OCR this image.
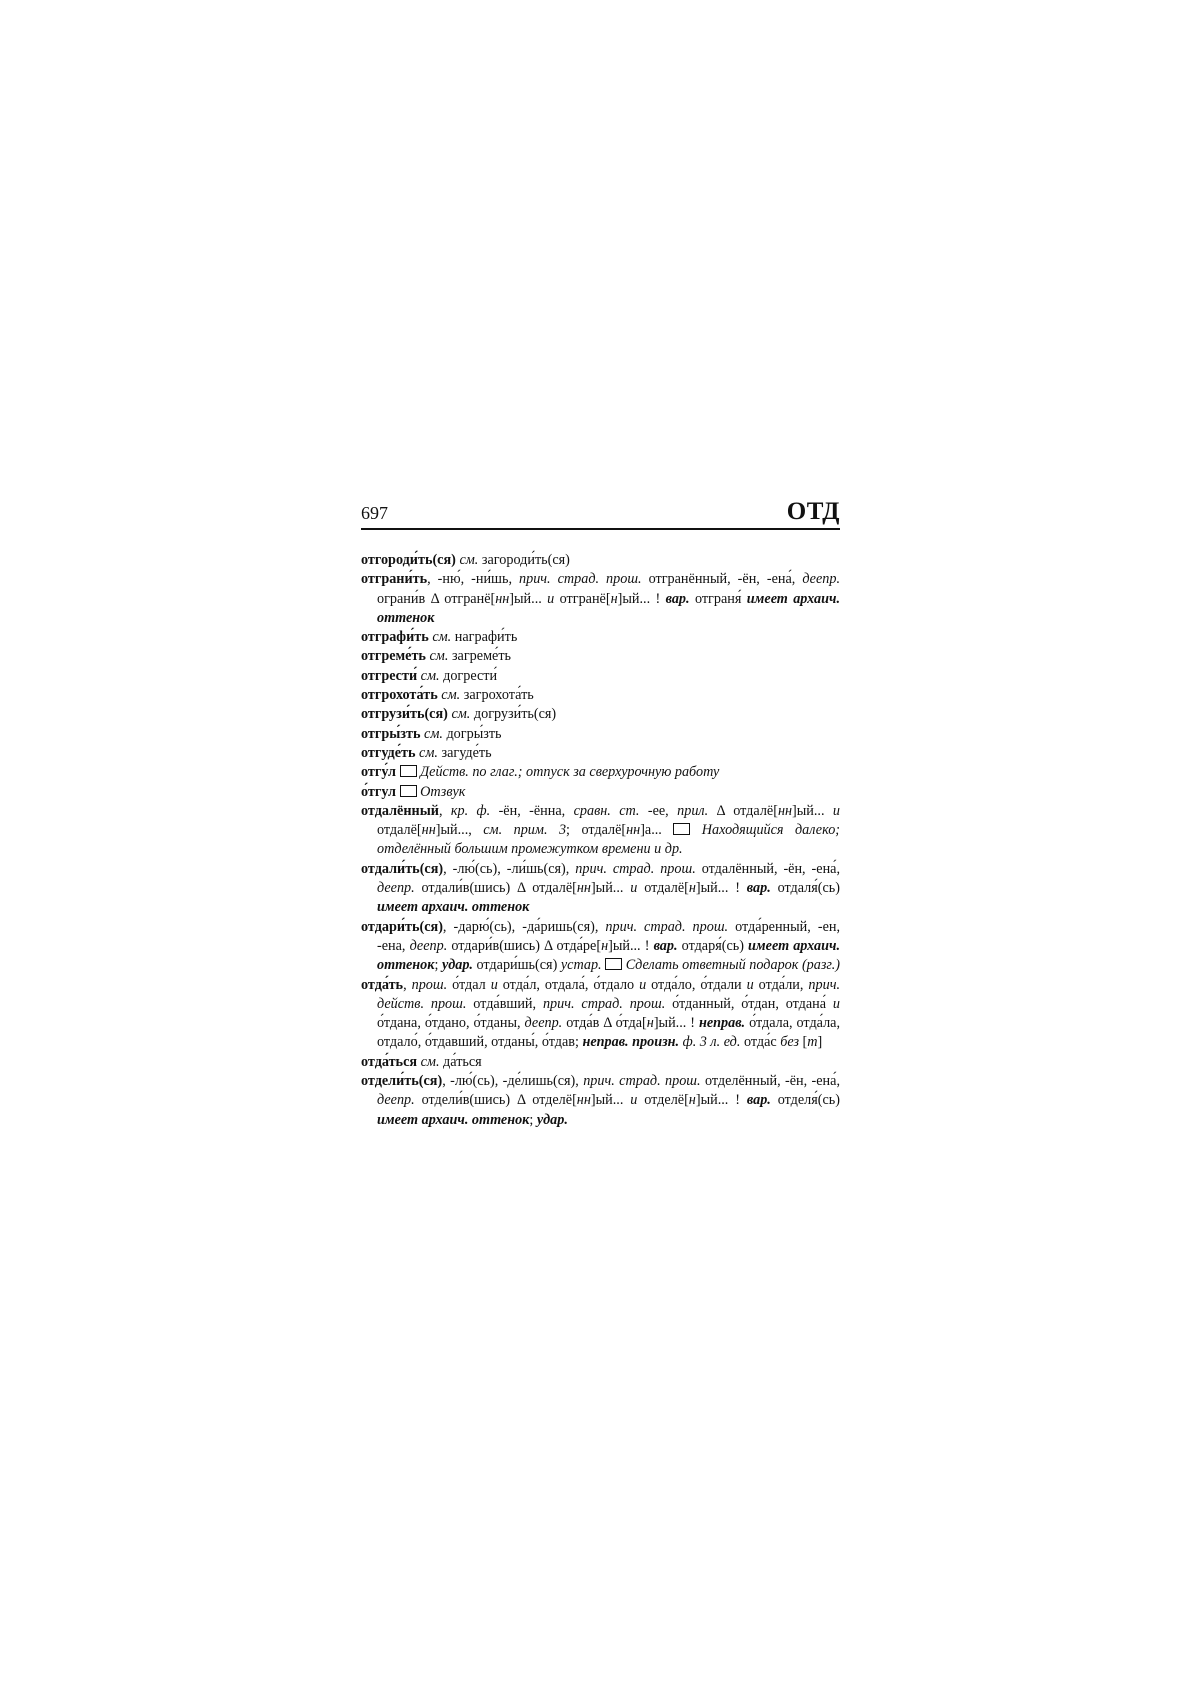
697	ОТД

отгороди́ть(ся) см. загороди́ть(ся)

отграни́ть, -ню́, -ни́шь, прич. страд. прош. отгранённый, -ён, -ена́, деепр. ограни́в Δ отгранё[нн]ый... и отгранё[н]ый... ! вар. отграня́ имеет архаич. оттенок

отграфи́ть см. награфи́ть

отгреме́ть см. загреме́ть

отгрести́ см. догрести́

отгрохота́ть см. загрохота́ть

отгрузи́ть(ся) см. догрузи́ть(ся)

отгры́зть см. догры́зть

отгуде́ть см. загуде́ть

отгу́л Действ. по глаг.; отпуск за сверхурочную работу

о́тгул Отзвук

отдалённый, кр. ф. -ён, -ённа, сравн. ст. -ее, прил. Δ отдалё[нн]ый... и отдалё[нн]ый..., см. прим. 3; отдалё[нн]а...  Находящийся далеко; отделённый большим промежутком времени и др.

отдали́ть(ся), -лю́(сь), -ли́шь(ся), прич. страд. прош. отдалённый, -ён, -ена́, деепр. отдали́в(шись) Δ отдалё[нн]ый... и отдалё[н]ый... ! вар. отдаля́(сь) имеет архаич. оттенок

отдари́ть(ся), -дарю́(сь), -да́ришь(ся), прич. страд. прош. отда́ренный, -ен, -ена, деепр. отдари́в(шись) Δ отда́ре[н]ый... ! вар. отдаря́(сь) имеет архаич. оттенок; удар. отдари́шь(ся) устар. Сделать ответный подарок (разг.)

отда́ть, прош. о́тдал и отда́л, отдала́, о́тдало и отда́ло, о́тдали и отда́ли, прич. действ. прош. отда́вший, прич. страд. прош. о́тданный, о́тдан, отдана́ и о́тдана, о́тдано, о́тданы, деепр. отда́в Δ о́тда[н]ый... ! неправ. о́тдала, отда́ла, отдало́, о́тдавший, отданы́, о́тдав; неправ. произн. ф. 3 л. ед. отда́с без [т]

отда́ться см. да́ться

отдели́ть(ся), -лю́(сь), -де́лишь(ся), прич. страд. прош. отделённый, -ён, -ена́, деепр. отдели́в(шись) Δ отделё[нн]ый... и отделё[н]ый... ! вар. отделя́(сь) имеет архаич. оттенок; удар.
